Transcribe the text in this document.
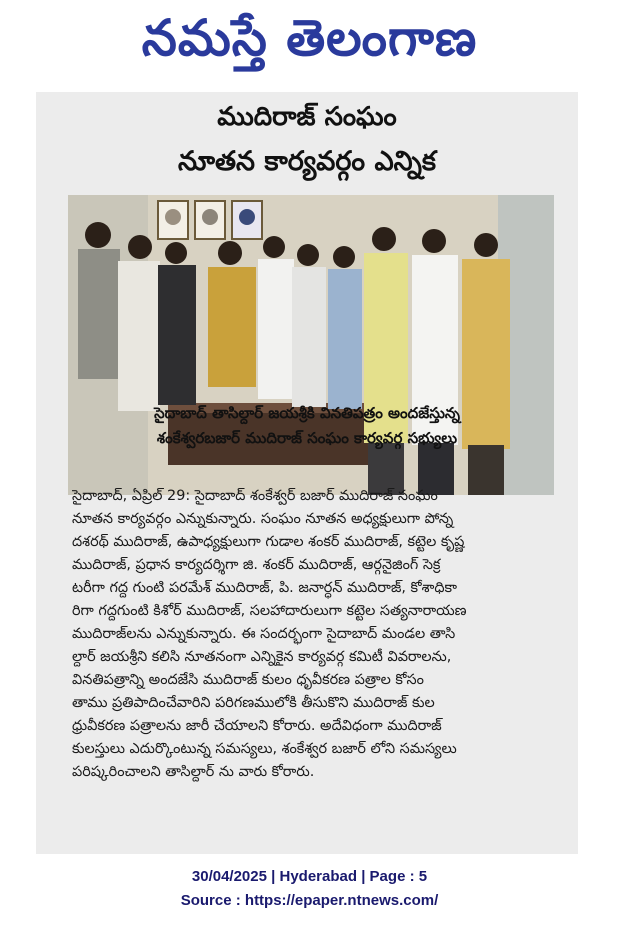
నమస్తే తెలంగాణ
ముదిరాజ్ సంఘం
నూతన కార్యవర్గం ఎన్నిక
సైదాబాద్ తాసిల్దార్ జయశ్రీకి వినతిపత్రం అందజేస్తున్న
శంకేశ్వరబజార్ ముదిరాజ్ సంఘం కార్యవర్గ సభ్యులు
సైదాబాద్, ఏప్రిల్ 29: సైదాబాద్ శంకేశ్వర్ బజార్ ముదిరాజ్ సంఘం
నూతన కార్యవర్గం ఎన్నుకున్నారు. సంఘం నూతన అధ్యక్షులుగా పోన్న
దశరథ్ ముదిరాజ్, ఉపాధ్యక్షులుగా గుడాల శంకర్ ముదిరాజ్, కట్టెల కృష్ణ
ముదిరాజ్, ప్రధాన కార్యదర్శిగా జి. శంకర్ ముదిరాజ్, ఆర్గనైజింగ్ సెక్ర
టరీగా గద్ద గుంటి పరమేశ్ ముదిరాజ్, పి. జనార్ధన్ ముదిరాజ్, కోశాధికా
రిగా గద్దగుంటి కిశోర్ ముదిరాజ్, సలహాదారులుగా కట్టెల సత్యనారాయణ
ముదిరాజ్‌లను ఎన్నుకున్నారు. ఈ సందర్భంగా సైదాబాద్ మండల తాసి
ల్దార్ జయశ్రీని కలిసి నూతనంగా ఎన్నికైన కార్యవర్గ కమిటీ వివరాలను,
వినతిపత్రాన్ని అందజేసి ముదిరాజ్ కులం ధృవీకరణ పత్రాల కోసం
తాము ప్రతిపాదించేవారిని పరిగణములోకి తీసుకొని ముదిరాజ్ కుల
ధ్రువీకరణ పత్రాలను జారీ చేయాలని కోరారు. అదేవిధంగా ముదిరాజ్
కులస్తులు ఎదుర్కొంటున్న సమస్యలు, శంకేశ్వర బజార్ లోని సమస్యలు
పరిష్కరించాలని తాసిల్దార్ ను వారు కోరారు.
30/04/2025 | Hyderabad | Page : 5
Source : https://epaper.ntnews.com/
